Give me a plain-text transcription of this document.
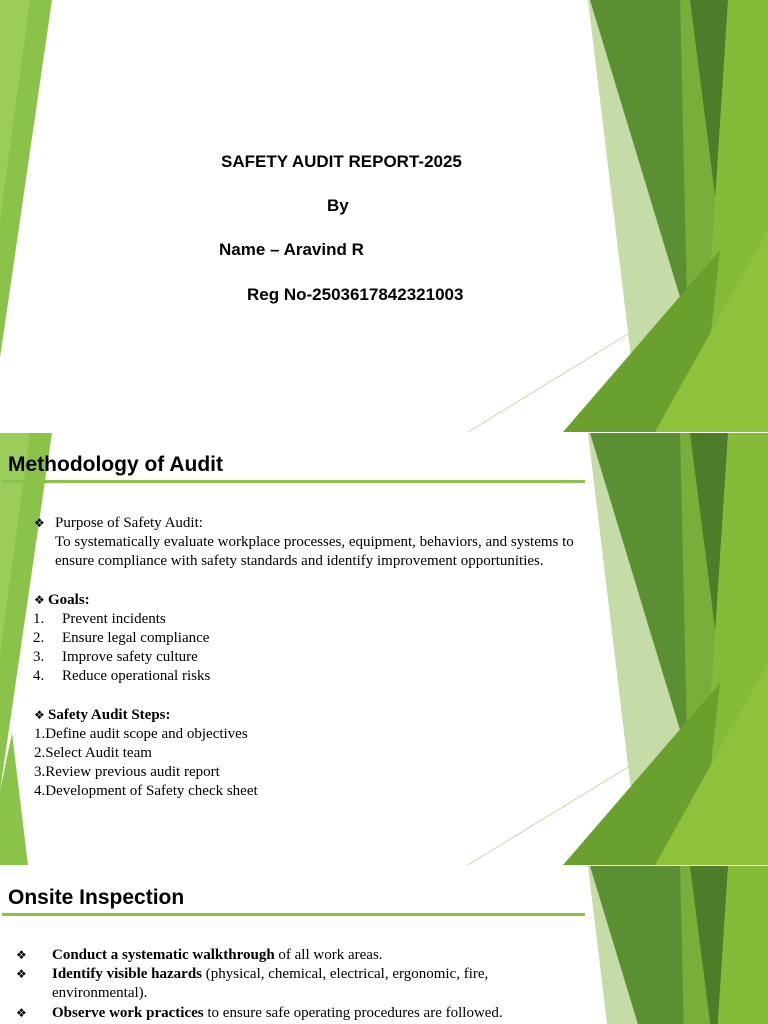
SAFETY AUDIT REPORT-2025
By
Name – Aravind R
Reg No-2503617842321003
Methodology of Audit
❖ Purpose of Safety Audit:
To systematically evaluate workplace processes, equipment, behaviors, and systems to ensure compliance with safety standards and identify improvement opportunities.
❖ Goals:
1. Prevent incidents
2. Ensure legal compliance
3. Improve safety culture
4. Reduce operational risks
❖ Safety Audit Steps:
1.Define audit scope and objectives
2.Select Audit team
3.Review previous audit report
4.Development of Safety check sheet
Onsite Inspection
❖ Conduct a systematic walkthrough of all work areas.
❖ Identify visible hazards (physical, chemical, electrical, ergonomic, fire, environmental).
❖ Observe work practices to ensure safe operating procedures are followed.
